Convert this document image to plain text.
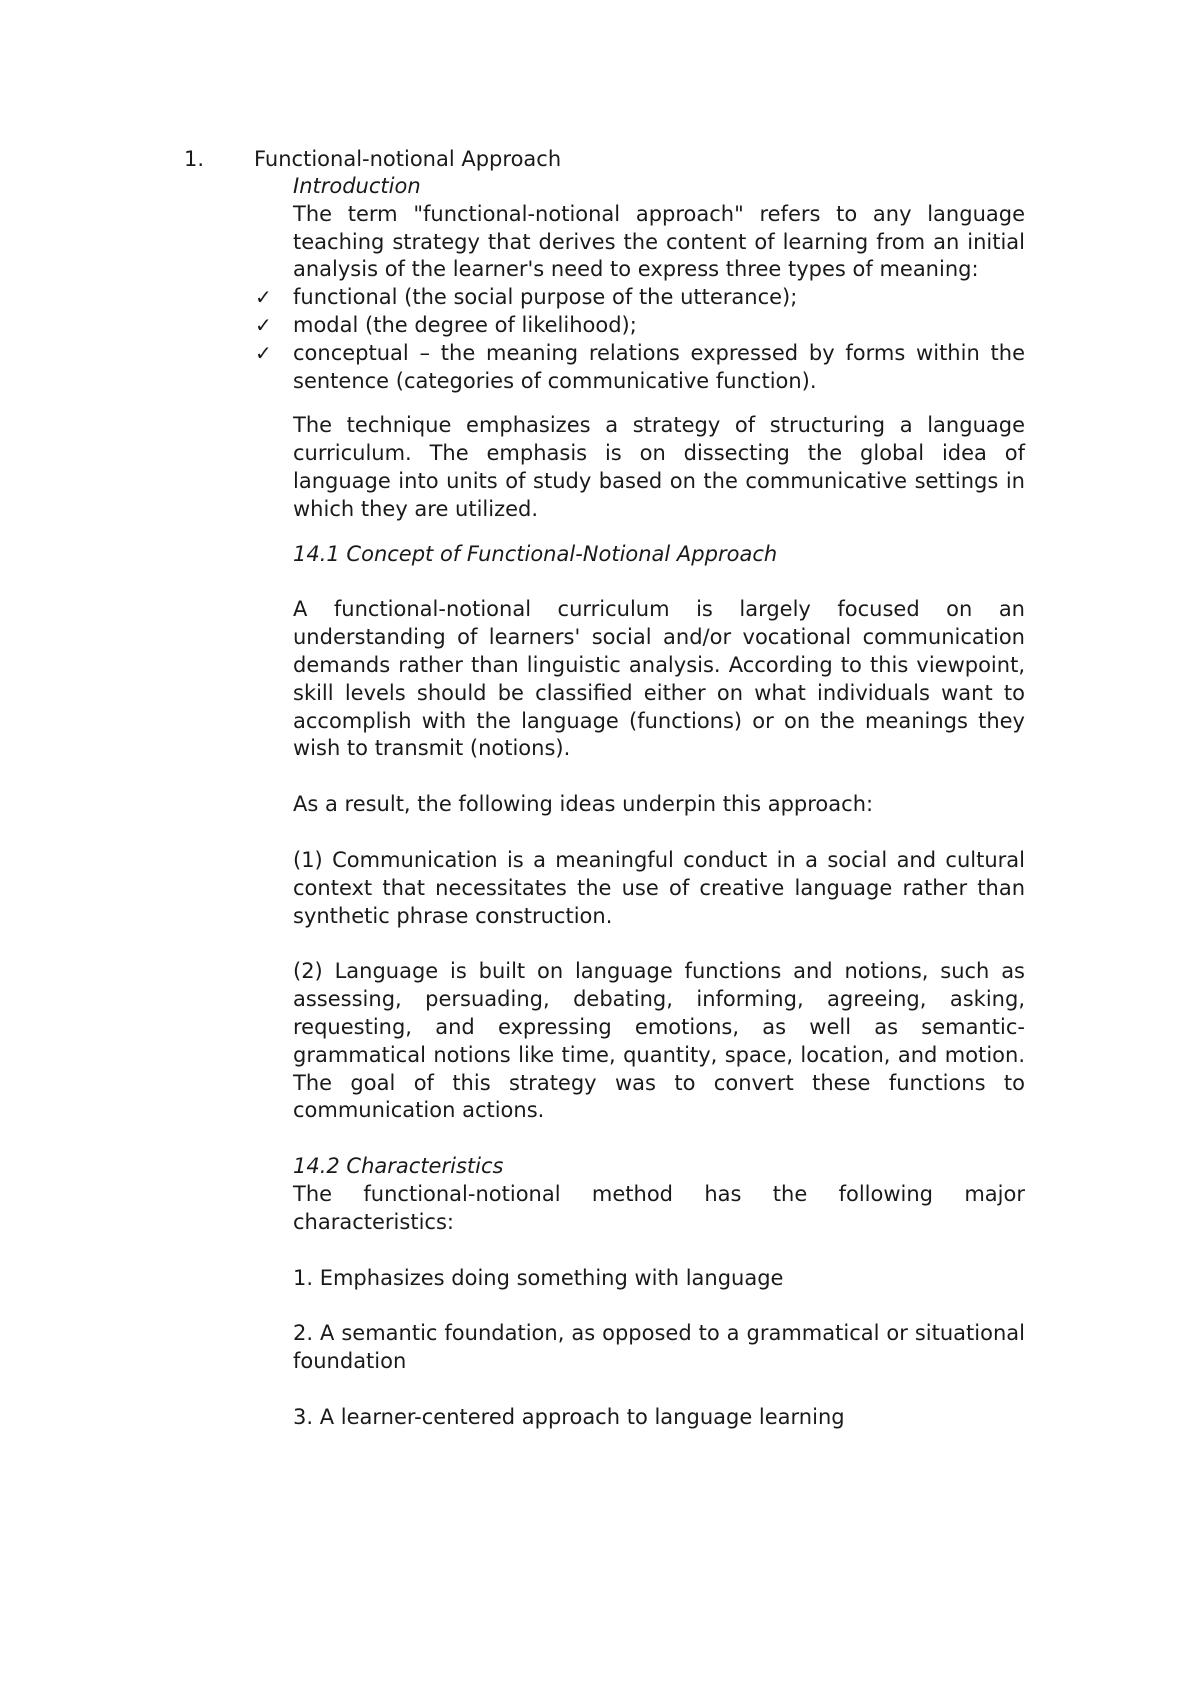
1. Functional-notional Approach

Introduction

The term "functional-notional approach" refers to any language teaching strategy that derives the content of learning from an initial analysis of the learner's need to express three types of meaning:

✓ functional (the social purpose of the utterance);
✓ modal (the degree of likelihood);
✓ conceptual – the meaning relations expressed by forms within the sentence (categories of communicative function).

The technique emphasizes a strategy of structuring a language curriculum. The emphasis is on dissecting the global idea of language into units of study based on the communicative settings in which they are utilized.

14.1 Concept of Functional-Notional Approach

A functional-notional curriculum is largely focused on an understanding of learners' social and/or vocational communication demands rather than linguistic analysis. According to this viewpoint, skill levels should be classified either on what individuals want to accomplish with the language (functions) or on the meanings they wish to transmit (notions).

As a result, the following ideas underpin this approach:

(1) Communication is a meaningful conduct in a social and cultural context that necessitates the use of creative language rather than synthetic phrase construction.

(2) Language is built on language functions and notions, such as assessing, persuading, debating, informing, agreeing, asking, requesting, and expressing emotions, as well as semantic-grammatical notions like time, quantity, space, location, and motion. The goal of this strategy was to convert these functions to communication actions.

14.2 Characteristics

The functional-notional method has the following major characteristics:

1. Emphasizes doing something with language

2. A semantic foundation, as opposed to a grammatical or situational foundation

3. A learner-centered approach to language learning
